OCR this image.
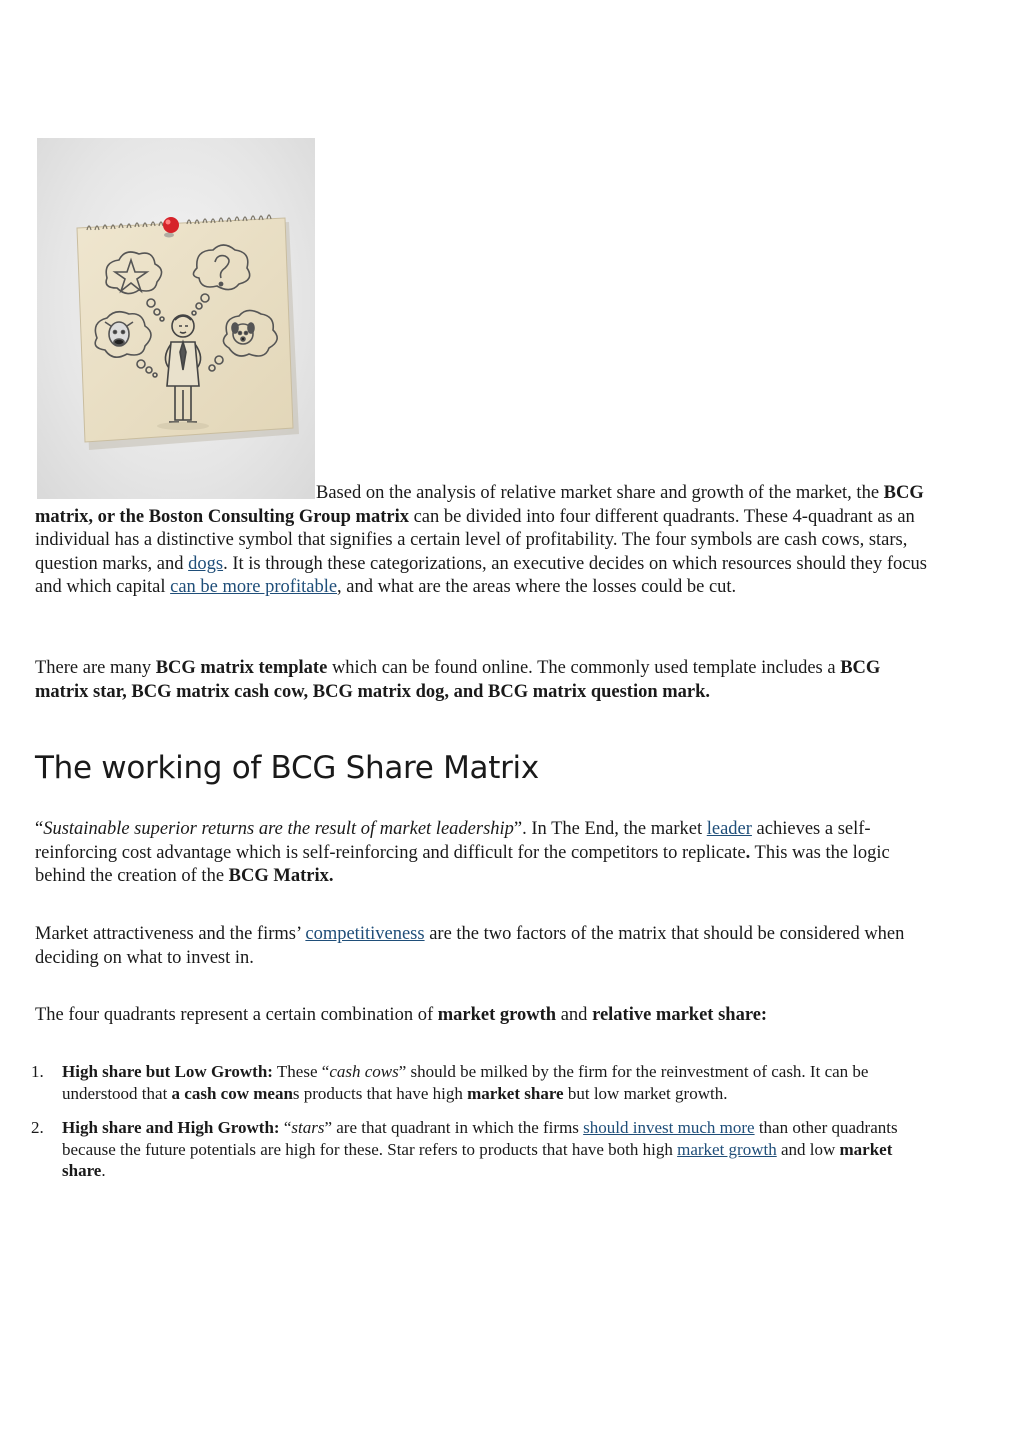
Based on the analysis of relative market share and growth of the market, the BCG matrix, or the Boston Consulting Group matrix can be divided into four different quadrants. These 4-quadrant as an individual has a distinctive symbol that signifies a certain level of profitability. The four symbols are cash cows, stars, question marks, and dogs. It is through these categorizations, an executive decides on which resources should they focus and which capital can be more profitable, and what are the areas where the losses could be cut.

There are many BCG matrix template which can be found online. The commonly used template includes a BCG matrix star, BCG matrix cash cow, BCG matrix dog, and BCG matrix question mark.

The working of BCG Share Matrix

“Sustainable superior returns are the result of market leadership”. In The End, the market leader achieves a self-reinforcing cost advantage which is self-reinforcing and difficult for the competitors to replicate. This was the logic behind the creation of the BCG Matrix.

Market attractiveness and the firms’ competitiveness are the two factors of the matrix that should be considered when deciding on what to invest in.

The four quadrants represent a certain combination of market growth and relative market share:

1. High share but Low Growth: These “cash cows” should be milked by the firm for the reinvestment of cash. It can be understood that a cash cow means products that have high market share but low market growth.
2. High share and High Growth: “stars” are that quadrant in which the firms should invest much more than other quadrants because the future potentials are high for these. Star refers to products that have both high market growth and low market share.
